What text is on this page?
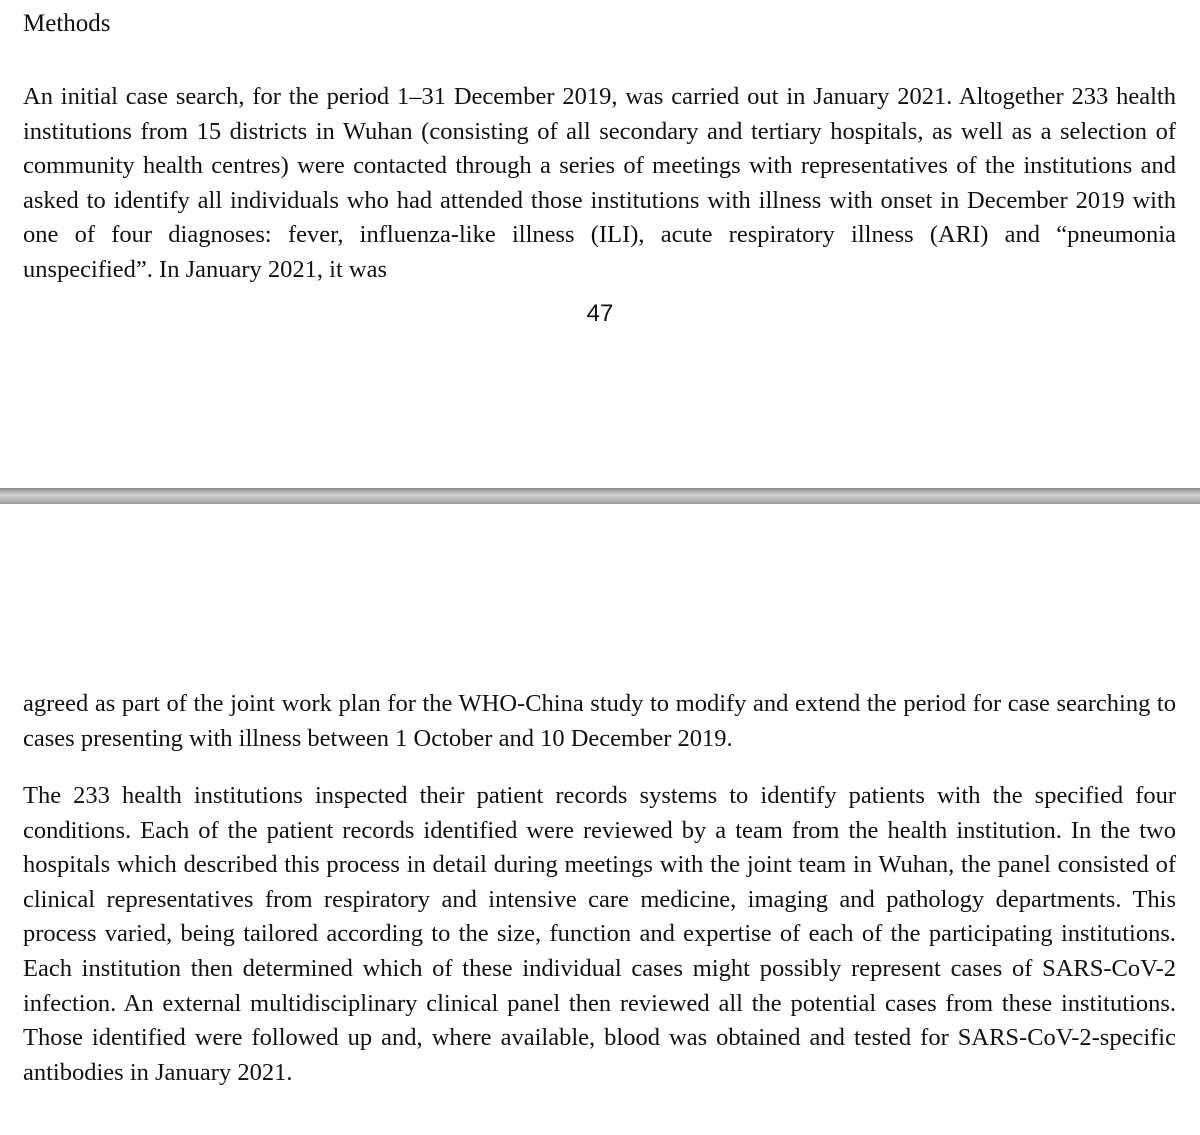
Methods

An initial case search, for the period 1–31 December 2019, was carried out in January 2021. Altogether 233 health institutions from 15 districts in Wuhan (consisting of all secondary and tertiary hospitals, as well as a selection of community health centres) were contacted through a series of meetings with representatives of the institutions and asked to identify all individuals who had attended those institutions with illness with onset in December 2019 with one of four diagnoses: fever, influenza-like illness (ILI), acute respiratory illness (ARI) and “pneumonia unspecified”. In January 2021, it was

47

agreed as part of the joint work plan for the WHO-China study to modify and extend the period for case searching to cases presenting with illness between 1 October and 10 December 2019.

The 233 health institutions inspected their patient records systems to identify patients with the specified four conditions. Each of the patient records identified were reviewed by a team from the health institution. In the two hospitals which described this process in detail during meetings with the joint team in Wuhan, the panel consisted of clinical representatives from respiratory and intensive care medicine, imaging and pathology departments. This process varied, being tailored according to the size, function and expertise of each of the participating institutions. Each institution then determined which of these individual cases might possibly represent cases of SARS-CoV-2 infection. An external multidisciplinary clinical panel then reviewed all the potential cases from these institutions. Those identified were followed up and, where available, blood was obtained and tested for SARS-CoV-2-specific antibodies in January 2021.
